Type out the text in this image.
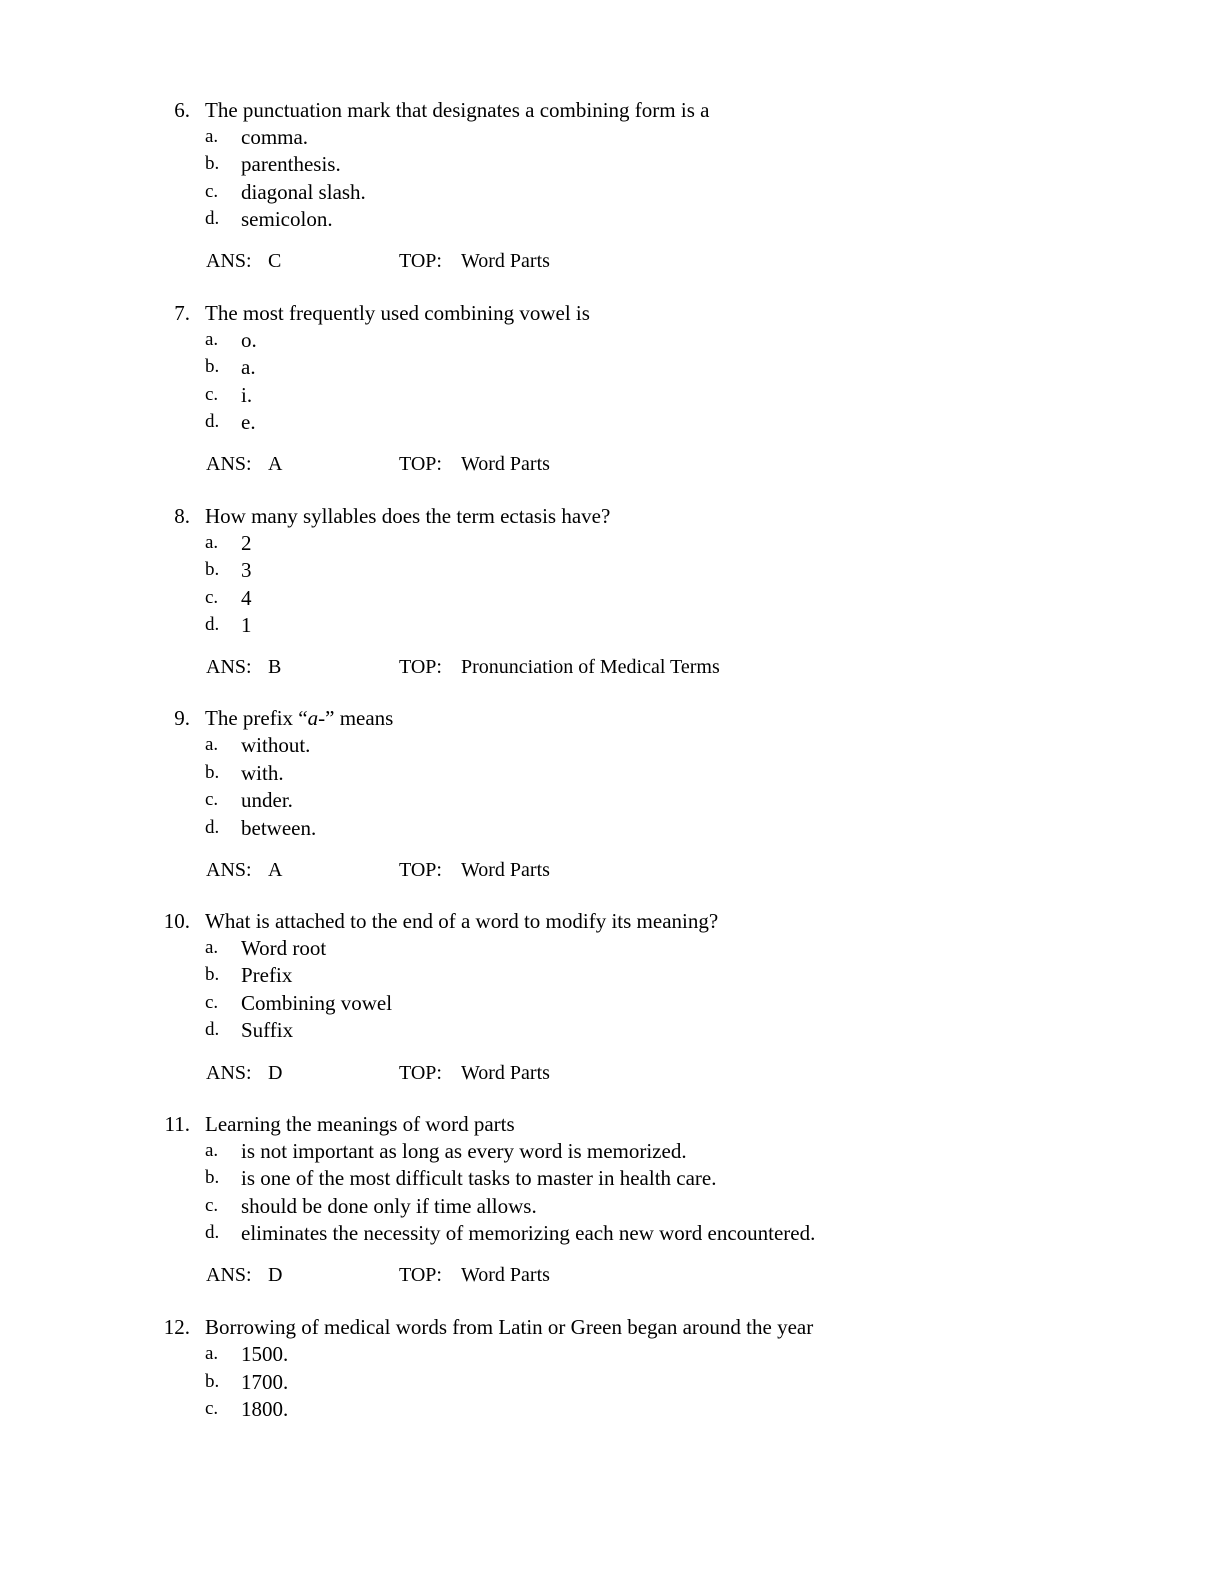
6. The punctuation mark that designates a combining form is a
a. comma.
b. parenthesis.
c. diagonal slash.
d. semicolon.
ANS: C	TOP: Word Parts
7. The most frequently used combining vowel is
a. o.
b. a.
c. i.
d. e.
ANS: A	TOP: Word Parts
8. How many syllables does the term ectasis have?
a. 2
b. 3
c. 4
d. 1
ANS: B	TOP: Pronunciation of Medical Terms
9. The prefix “a-” means
a. without.
b. with.
c. under.
d. between.
ANS: A	TOP: Word Parts
10. What is attached to the end of a word to modify its meaning?
a. Word root
b. Prefix
c. Combining vowel
d. Suffix
ANS: D	TOP: Word Parts
11. Learning the meanings of word parts
a. is not important as long as every word is memorized.
b. is one of the most difficult tasks to master in health care.
c. should be done only if time allows.
d. eliminates the necessity of memorizing each new word encountered.
ANS: D	TOP: Word Parts
12. Borrowing of medical words from Latin or Green began around the year
a. 1500.
b. 1700.
c. 1800.
